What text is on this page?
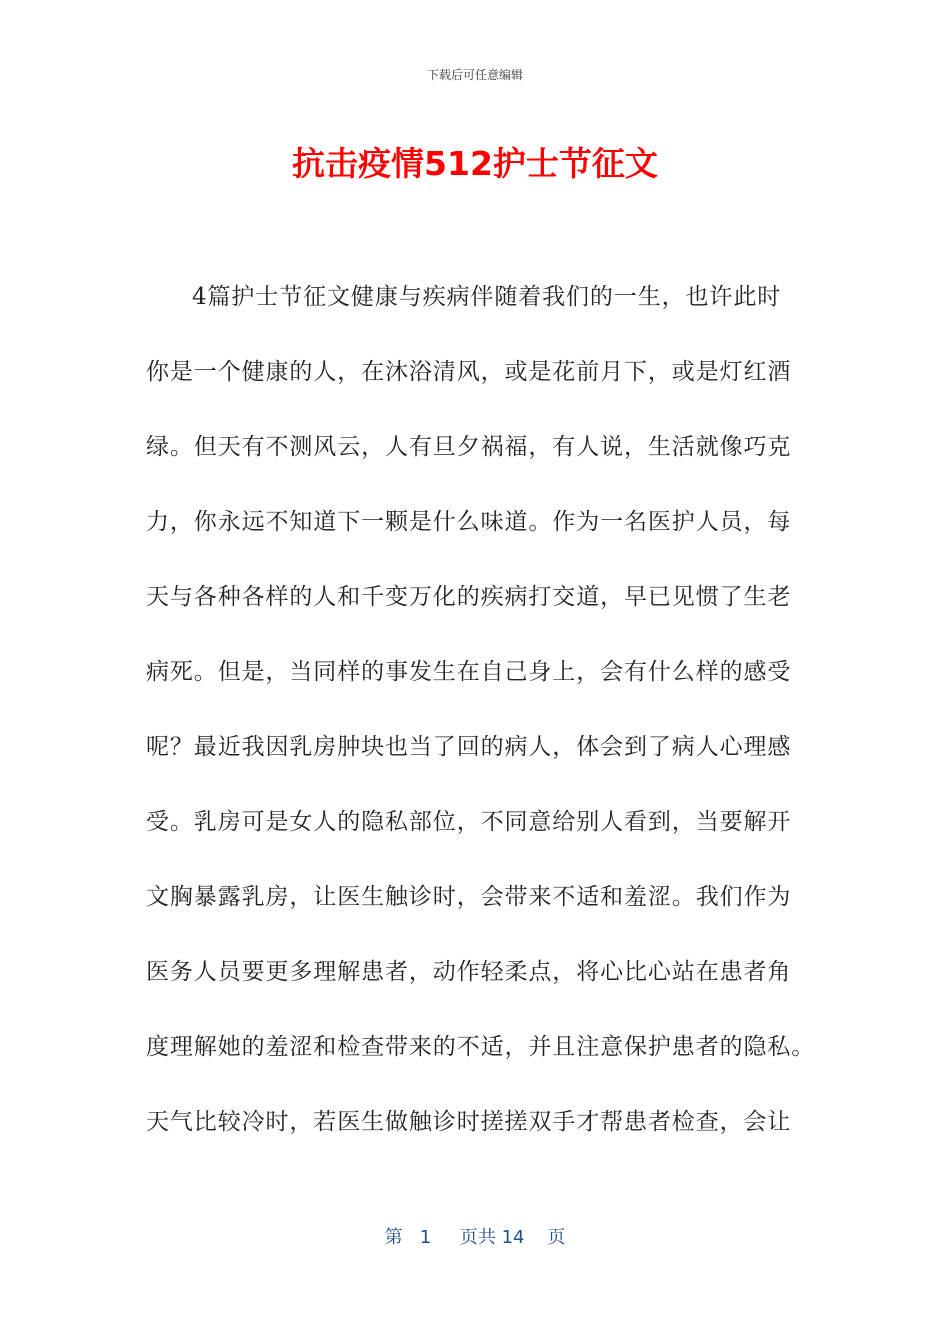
下载后可任意编辑
抗击疫情512护士节征文
4篇护士节征文健康与疾病伴随着我们的一生，也许此时
你是一个健康的人，在沐浴清风，或是花前月下，或是灯红酒
绿。但天有不测风云，人有旦夕祸福，有人说，生活就像巧克
力，你永远不知道下一颗是什么味道。作为一名医护人员，每
天与各种各样的人和千变万化的疾病打交道，早已见惯了生老
病死。但是，当同样的事发生在自己身上，会有什么样的感受
呢？最近我因乳房肿块也当了回的病人，体会到了病人心理感
受。乳房可是女人的隐私部位，不同意给别人看到，当要解开
文胸暴露乳房，让医生触诊时，会带来不适和羞涩。我们作为
医务人员要更多理解患者，动作轻柔点，将心比心站在患者角
度理解她的羞涩和检查带来的不适，并且注意保护患者的隐私。
天气比较冷时，若医生做触诊时搓搓双手才帮患者检查，会让
第 1 页共 14 页
